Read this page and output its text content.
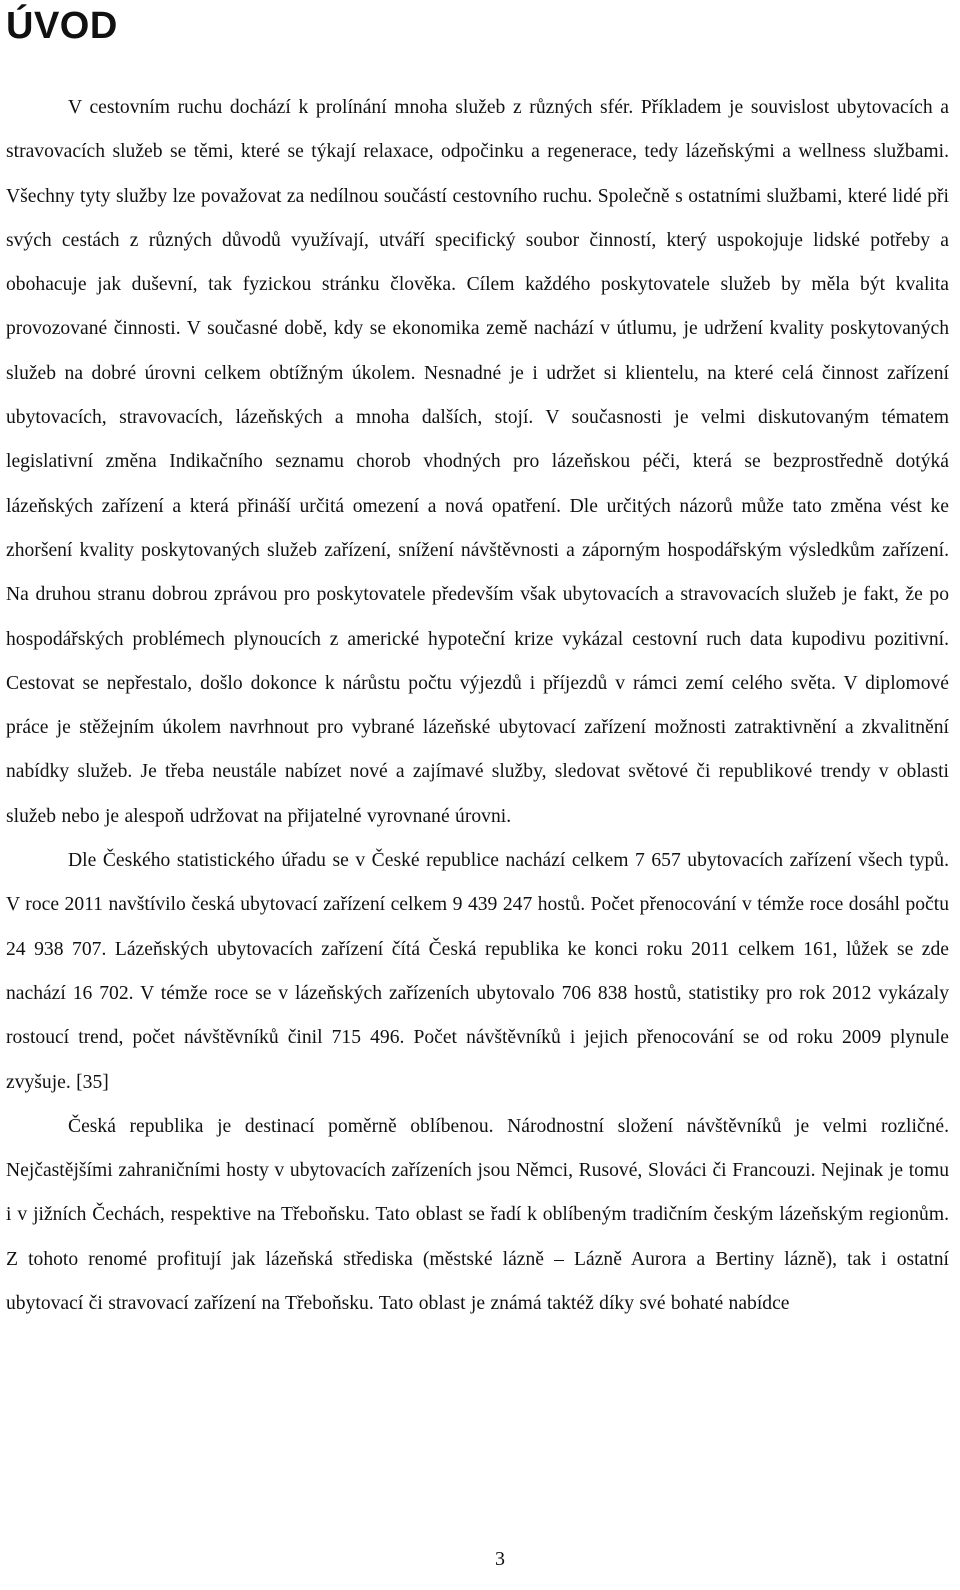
ÚVOD

V cestovním ruchu dochází k prolínání mnoha služeb z různých sfér. Příkladem je souvislost ubytovacích a stravovacích služeb se těmi, které se týkají relaxace, odpočinku a regenerace, tedy lázeňskými a wellness službami. Všechny tyty služby lze považovat za nedílnou součástí cestovního ruchu. Společně s ostatními službami, které lidé při svých cestách z různých důvodů využívají, utváří specifický soubor činností, který uspokojuje lidské potřeby a obohacuje jak duševní, tak fyzickou stránku člověka. Cílem každého poskytovatele služeb by měla být kvalita provozované činnosti. V současné době, kdy se ekonomika země nachází v útlumu, je udržení kvality poskytovaných služeb na dobré úrovni celkem obtížným úkolem. Nesnadné je i udržet si klientelu, na které celá činnost zařízení ubytovacích, stravovacích, lázeňských a mnoha dalších, stojí. V současnosti je velmi diskutovaným tématem legislativní změna Indikačního seznamu chorob vhodných pro lázeňskou péči, která se bezprostředně dotýká lázeňských zařízení a která přináší určitá omezení a nová opatření. Dle určitých názorů může tato změna vést ke zhoršení kvality poskytovaných služeb zařízení, snížení návštěvnosti a záporným hospodářským výsledkům zařízení. Na druhou stranu dobrou zprávou pro poskytovatele především však ubytovacích a stravovacích služeb je fakt, že po hospodářských problémech plynoucích z americké hypoteční krize vykázal cestovní ruch data kupodivu pozitivní. Cestovat se nepřestalo, došlo dokonce k nárůstu počtu výjezdů i příjezdů v rámci zemí celého světa. V diplomové práce je stěžejním úkolem navrhnout pro vybrané lázeňské ubytovací zařízení možnosti zatraktivnění a zkvalitnění nabídky služeb. Je třeba neustále nabízet nové a zajímavé služby, sledovat světové či republikové trendy v oblasti služeb nebo je alespoň udržovat na přijatelné vyrovnané úrovni.

Dle Českého statistického úřadu se v České republice nachází celkem 7 657 ubytovacích zařízení všech typů. V roce 2011 navštívilo česká ubytovací zařízení celkem 9 439 247 hostů. Počet přenocování v témže roce dosáhl počtu 24 938 707. Lázeňských ubytovacích zařízení čítá Česká republika ke konci roku 2011 celkem 161, lůžek se zde nachází 16 702. V témže roce se v lázeňských zařízeních ubytovalo 706 838 hostů, statistiky pro rok 2012 vykázaly rostoucí trend, počet návštěvníků činil 715 496. Počet návštěvníků i jejich přenocování se od roku 2009 plynule zvyšuje. [35]

Česká republika je destinací poměrně oblíbenou. Národnostní složení návštěvníků je velmi rozličné. Nejčastějšími zahraničními hosty v ubytovacích zařízeních jsou Němci, Rusové, Slováci či Francouzi. Nejinak je tomu i v jižních Čechách, respektive na Třeboňsku. Tato oblast se řadí k oblíbeným tradičním českým lázeňským regionům. Z tohoto renomé profitují jak lázeňská střediska (městské lázně – Lázně Aurora a Bertiny lázně), tak i ostatní ubytovací či stravovací zařízení na Třeboňsku. Tato oblast je známá taktéž díky své bohaté nabídce

3
